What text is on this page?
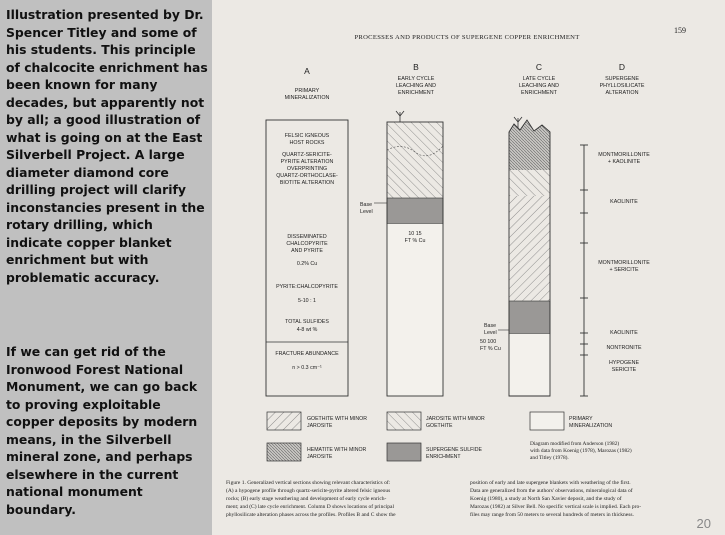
Illustration presented by Dr. Spencer Titley and some of his students. This principle of chalcocite enrichment has been known for many decades, but apparently not by all; a good illustration of what is going on at the East Silverbell Project. A large diameter diamond core drilling project will clarify inconstancies present in the rotary drilling, which indicate copper blanket enrichment but with problematic accuracy.

If we can get rid of the Ironwood Forest National Monument, we can go back to proving exploitable copper deposits by modern means, in the Silverbell mineral zone, and perhaps elsewhere in the current national monument boundary.

PROCESSES AND PRODUCTS OF SUPERGENE COPPER ENRICHMENT
159
A
PRIMARY
MINERALIZATION
B
EARLY CYCLE
LEACHING AND
ENRICHMENT
C
LATE CYCLE
LEACHING AND
ENRICHMENT
D
SUPERGENE
PHYLLOSILICATE
ALTERATION
FELSIC IGNEOUS
HOST ROCKS
QUARTZ-SERICITE-
PYRITE ALTERATION
OVERPRINTING
QUARTZ-ORTHOCLASE-
BIOTITE ALTERATION
DISSEMINATED
CHALCOPYRITE
AND PYRITE
0.2% Cu
PYRITE:CHALCOPYRITE
5-10 : 1
TOTAL SULFIDES
4-8 wt %
FRACTURE ABUNDANCE
n > 0.3 cm⁻¹
Base
Level
10 15
FT % Cu
Base
Level
50 100
FT % Cu
MONTMORILLONITE
+ KAOLINITE
KAOLINITE
MONTMORILLONITE
+ SERICITE
KAOLINITE
NONTRONITE
HYPOGENE
SERICITE
GOETHITE WITH MINOR
JAROSITE
JAROSITE WITH MINOR
GOETHITE
PRIMARY
MINERALIZATION
HEMATITE WITH MINOR
JAROSITE
SUPERGENE SULFIDE
ENRICHMENT
Diagram modified from Anderson (1982)
with data from Koenig (1978), Marozas (1982)
and Titley (1978).
Figure 1. Generalized vertical sections showing relevant characteristics of:
(A) a hypogene profile through quartz-sericite-pyrite altered felsic igneous
rocks; (B) early stage weathering and development of early cycle enrich-
ment; and (C) late cycle enrichment. Column D shows locations of principal
phyllosilicate alteration phases across the profiles. Profiles B and C show the
position of early and late supergene blankets with weathering of the first.
Data are generalized from the authors' observations, mineralogical data of
Koenig (1980), a study at North San Xavier deposit, and the study of
Marozas (1982) at Silver Bell. No specific vertical scale is implied. Each pro-
files may range from 50 meters to several hundreds of meters in thickness.
20
